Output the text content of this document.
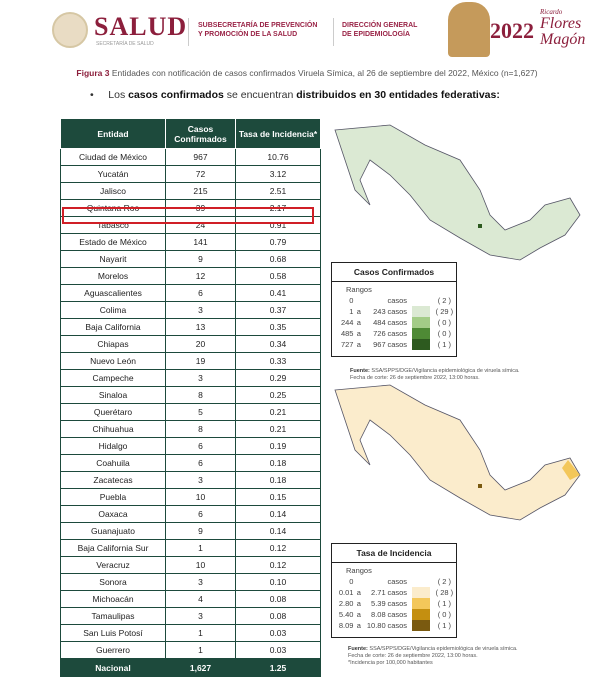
SALUD
SECRETARÍA DE SALUD
SUBSECRETARÍA DE PREVENCIÓN
Y PROMOCIÓN DE LA SALUD
DIRECCIÓN GENERAL
DE EPIDEMIOLOGÍA	2022
Ricardo
Flores
Magón
Figura 3 Entidades con notificación de casos confirmados Viruela Símica, al 26 de septiembre del 2022, México (n=1,627)
•     Los casos confirmados se encuentran distribuidos en 30 entidades federativas:
Entidad	Casos Confirmados	Tasa de Incidencia*
Ciudad de México	967	10.76
Yucatán	72	3.12
Jalisco	215	2.51
Quintana Roo	39	2.17
Tabasco	24	0.91
Estado de México	141	0.79
Nayarit	9	0.68
Morelos	12	0.58
Aguascalientes	6	0.41
Colima	3	0.37
Baja California	13	0.35
Chiapas	20	0.34
Nuevo León	19	0.33
Campeche	3	0.29
Sinaloa	8	0.25
Querétaro	5	0.21
Chihuahua	8	0.21
Hidalgo	6	0.19
Coahuila	6	0.18
Zacatecas	3	0.18
Puebla	10	0.15
Oaxaca	6	0.14
Guanajuato	9	0.14
Baja California Sur	1	0.12
Veracruz	10	0.12
Sonora	3	0.10
Michoacán	4	0.08
Tamaulipas	3	0.08
San Luis Potosí	1	0.03
Guerrero	1	0.03
Nacional	1,627	1.25
Casos Confirmados
Rangos
0	casos	( 2 )
1 a	243 casos	( 29 )
244 a	484 casos	( 0 )
485 a	726 casos	( 0 )
727 a	967 casos	( 1 )
Fuente: SSA/SPPS/DGE/Vigilancia epidemiológica de viruela símica.
Fecha de corte: 26 de septiembre 2022, 13:00 horas.
Tasa de Incidencia
Rangos
0	casos	( 2 )
0.01 a	2.71 casos	( 28 )
2.80 a	5.39 casos	( 1 )
5.40 a	8.08 casos	( 0 )
8.09 a 10.80 casos	( 1 )
Fuente: SSA/SPPS/DGE/Vigilancia epidemiológica de viruela símica.
Fecha de corte: 26 de septiembre 2022, 13:00 horas.
*Incidencia por 100,000 habitantes
